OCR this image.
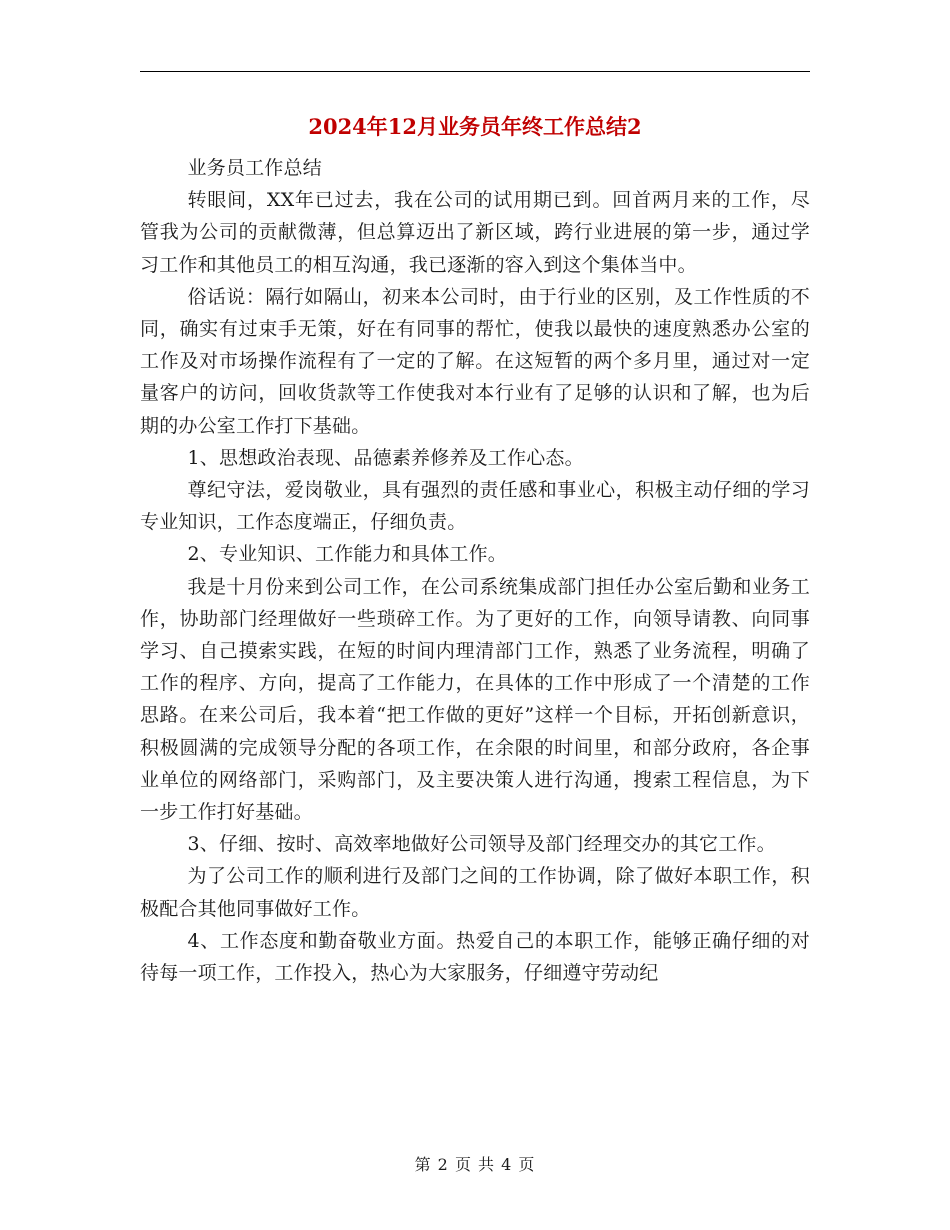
2024年12月业务员年终工作总结2

业务员工作总结

转眼间，XX年已过去，我在公司的试用期已到。回首两月来的工作，尽管我为公司的贡献微薄，但总算迈出了新区域，跨行业进展的第一步，通过学习工作和其他员工的相互沟通，我已逐渐的容入到这个集体当中。

俗话说：隔行如隔山，初来本公司时，由于行业的区别，及工作性质的不同，确实有过束手无策，好在有同事的帮忙，使我以最快的速度熟悉办公室的工作及对市场操作流程有了一定的了解。在这短暂的两个多月里，通过对一定量客户的访问，回收货款等工作使我对本行业有了足够的认识和了解，也为后期的办公室工作打下基础。

1、思想政治表现、品德素养修养及工作心态。

尊纪守法，爱岗敬业，具有强烈的责任感和事业心，积极主动仔细的学习专业知识，工作态度端正，仔细负责。

2、专业知识、工作能力和具体工作。

我是十月份来到公司工作，在公司系统集成部门担任办公室后勤和业务工作，协助部门经理做好一些琐碎工作。为了更好的工作，向领导请教、向同事学习、自己摸索实践，在短的时间内理清部门工作，熟悉了业务流程，明确了工作的程序、方向，提高了工作能力，在具体的工作中形成了一个清楚的工作思路。在来公司后，我本着“把工作做的更好”这样一个目标，开拓创新意识，积极圆满的完成领导分配的各项工作，在余限的时间里，和部分政府，各企事业单位的网络部门，采购部门，及主要决策人进行沟通，搜索工程信息，为下一步工作打好基础。

3、仔细、按时、高效率地做好公司领导及部门经理交办的其它工作。

为了公司工作的顺利进行及部门之间的工作协调，除了做好本职工作，积极配合其他同事做好工作。

4、工作态度和勤奋敬业方面。热爱自己的本职工作，能够正确仔细的对待每一项工作，工作投入，热心为大家服务，仔细遵守劳动纪

第 2 页 共 4 页
